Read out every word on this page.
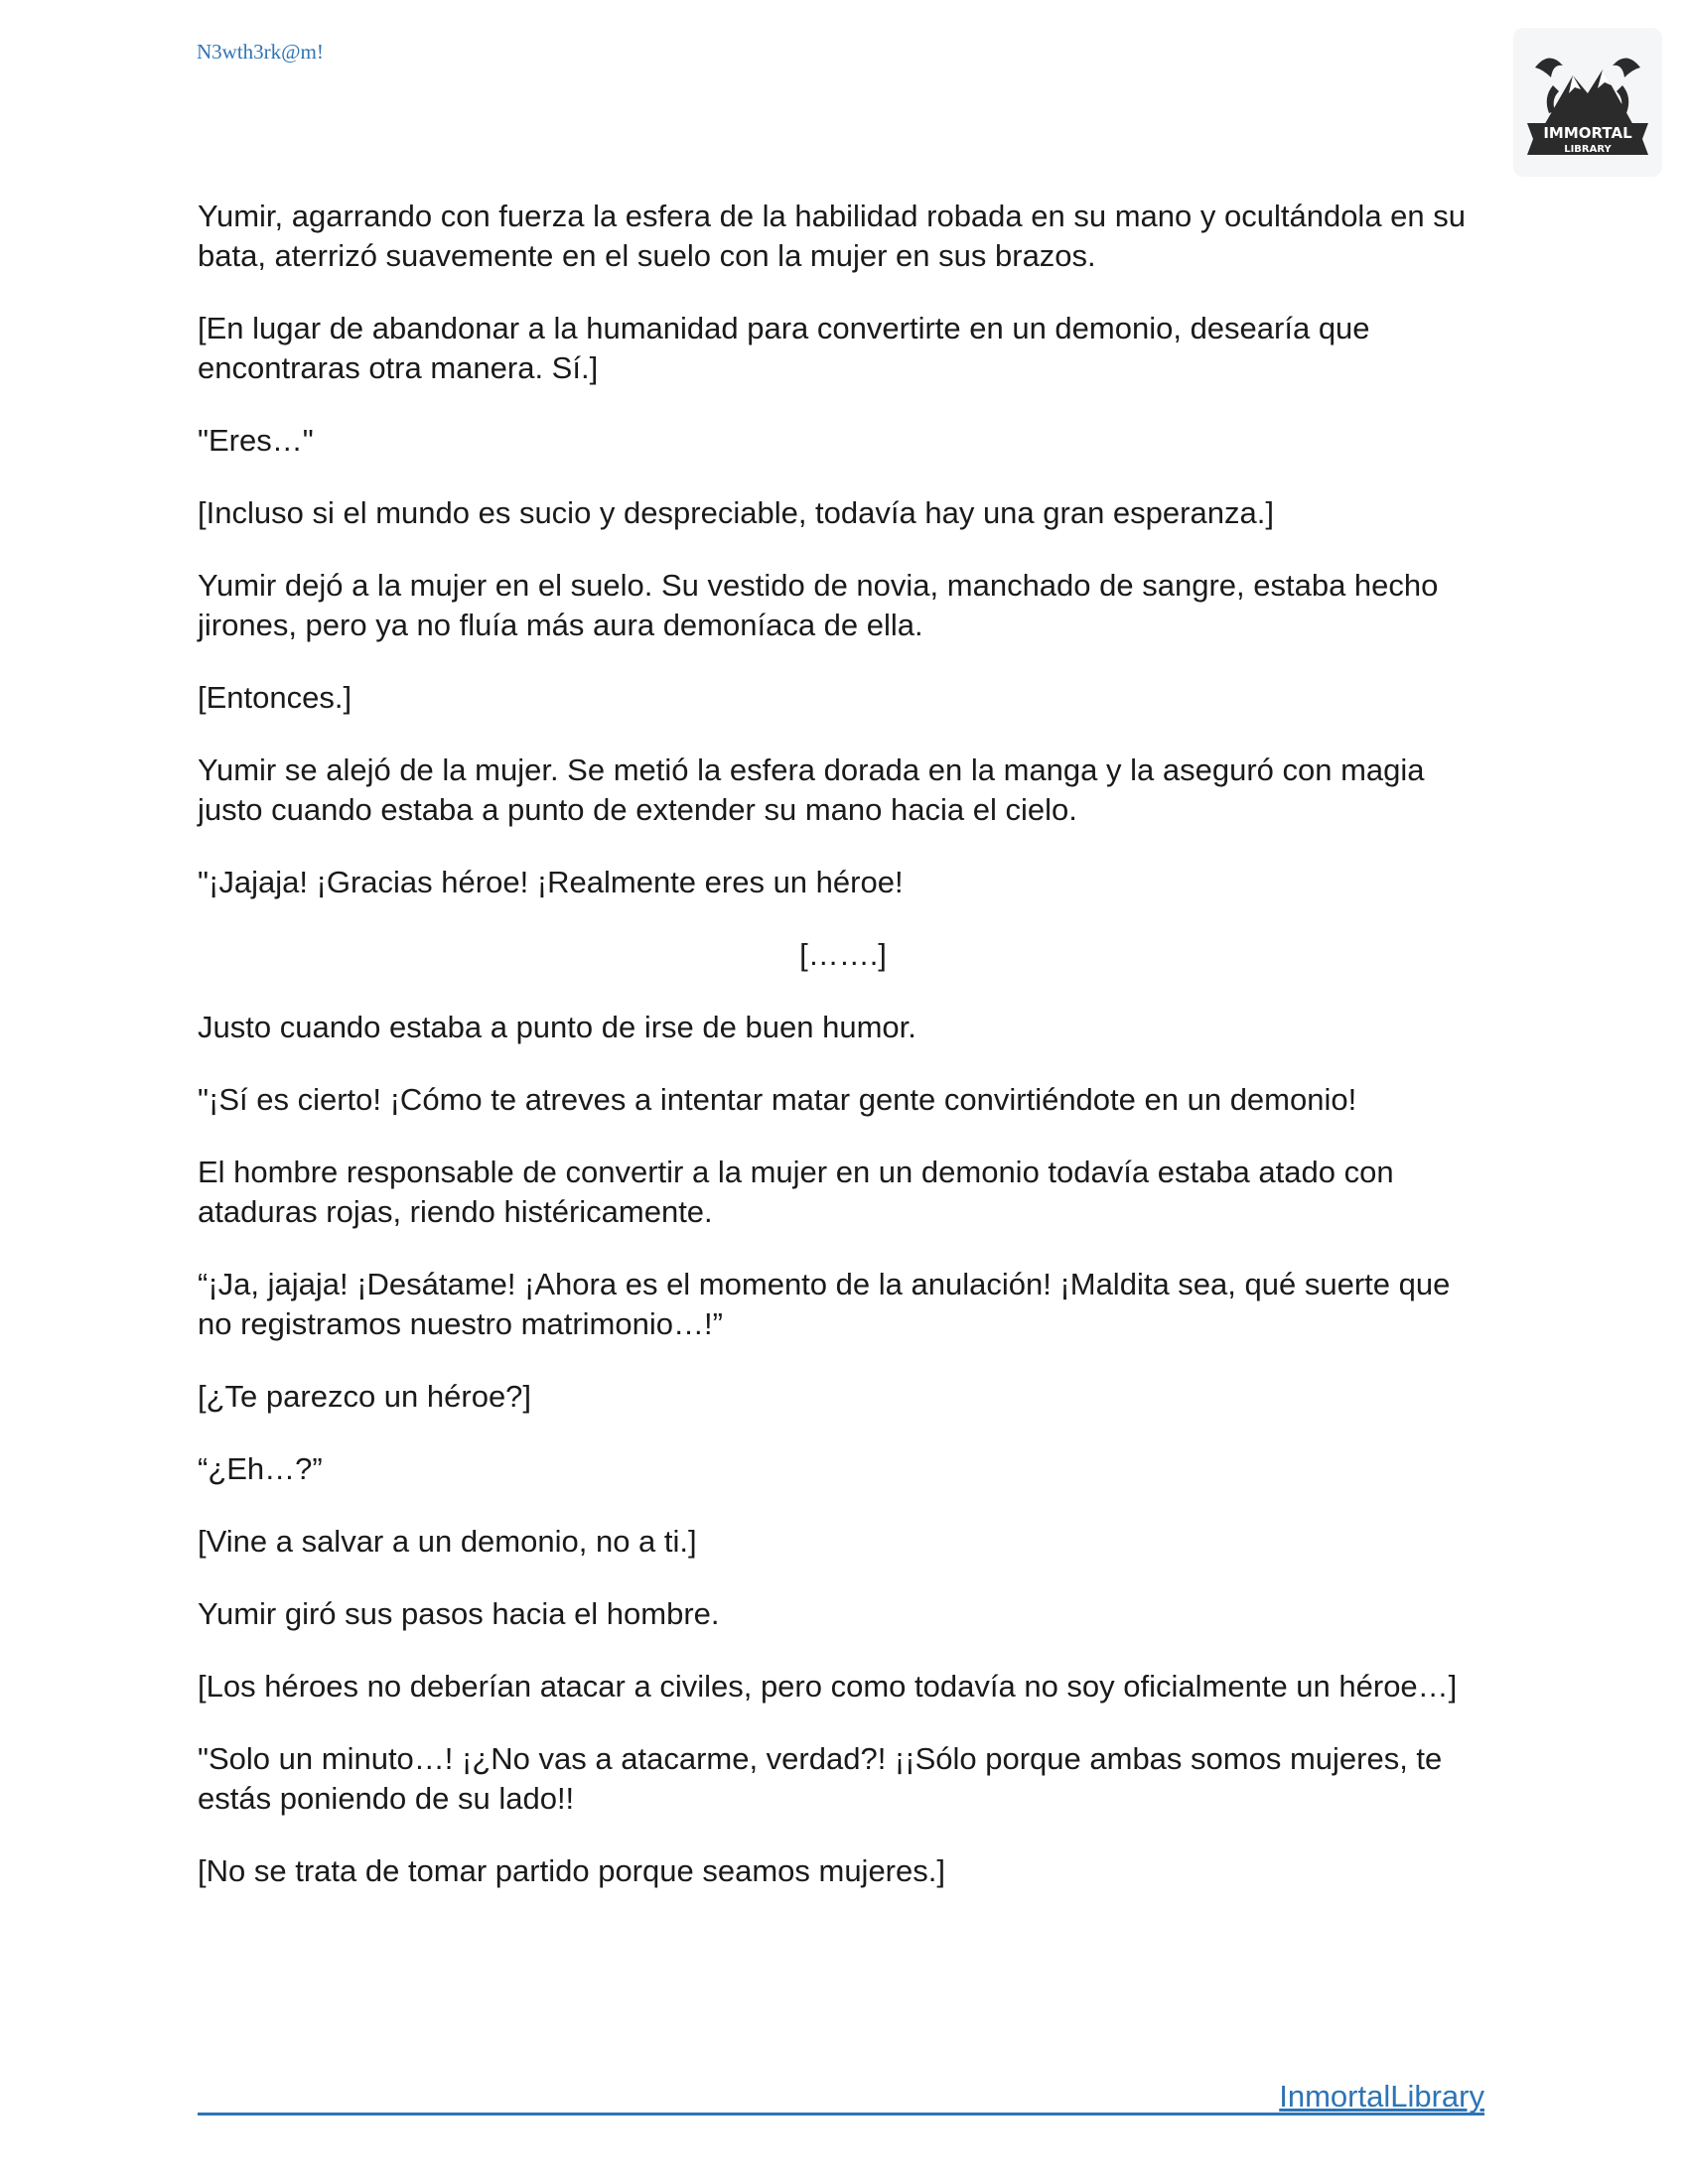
N3wth3rk@m!
IMMORTAL
LIBRARY

Yumir, agarrando con fuerza la esfera de la habilidad robada en su mano y ocultándola en su bata, aterrizó suavemente en el suelo con la mujer en sus brazos.

[En lugar de abandonar a la humanidad para convertirte en un demonio, desearía que encontraras otra manera. Sí.]

"Eres…"

[Incluso si el mundo es sucio y despreciable, todavía hay una gran esperanza.]

Yumir dejó a la mujer en el suelo. Su vestido de novia, manchado de sangre, estaba hecho jirones, pero ya no fluía más aura demoníaca de ella.

[Entonces.]

Yumir se alejó de la mujer. Se metió la esfera dorada en la manga y la aseguró con magia justo cuando estaba a punto de extender su mano hacia el cielo.

"¡Jajaja! ¡Gracias héroe! ¡Realmente eres un héroe!

[…….]

Justo cuando estaba a punto de irse de buen humor.

"¡Sí es cierto! ¡Cómo te atreves a intentar matar gente convirtiéndote en un demonio!

El hombre responsable de convertir a la mujer en un demonio todavía estaba atado con ataduras rojas, riendo histéricamente.

“¡Ja, jajaja! ¡Desátame! ¡Ahora es el momento de la anulación! ¡Maldita sea, qué suerte que no registramos nuestro matrimonio…!”

[¿Te parezco un héroe?]

“¿Eh…?”

[Vine a salvar a un demonio, no a ti.]

Yumir giró sus pasos hacia el hombre.

[Los héroes no deberían atacar a civiles, pero como todavía no soy oficialmente un héroe…]

"Solo un minuto…! ¡¿No vas a atacarme, verdad?! ¡¡Sólo porque ambas somos mujeres, te estás poniendo de su lado!!

[No se trata de tomar partido porque seamos mujeres.]

InmortalLibrary
